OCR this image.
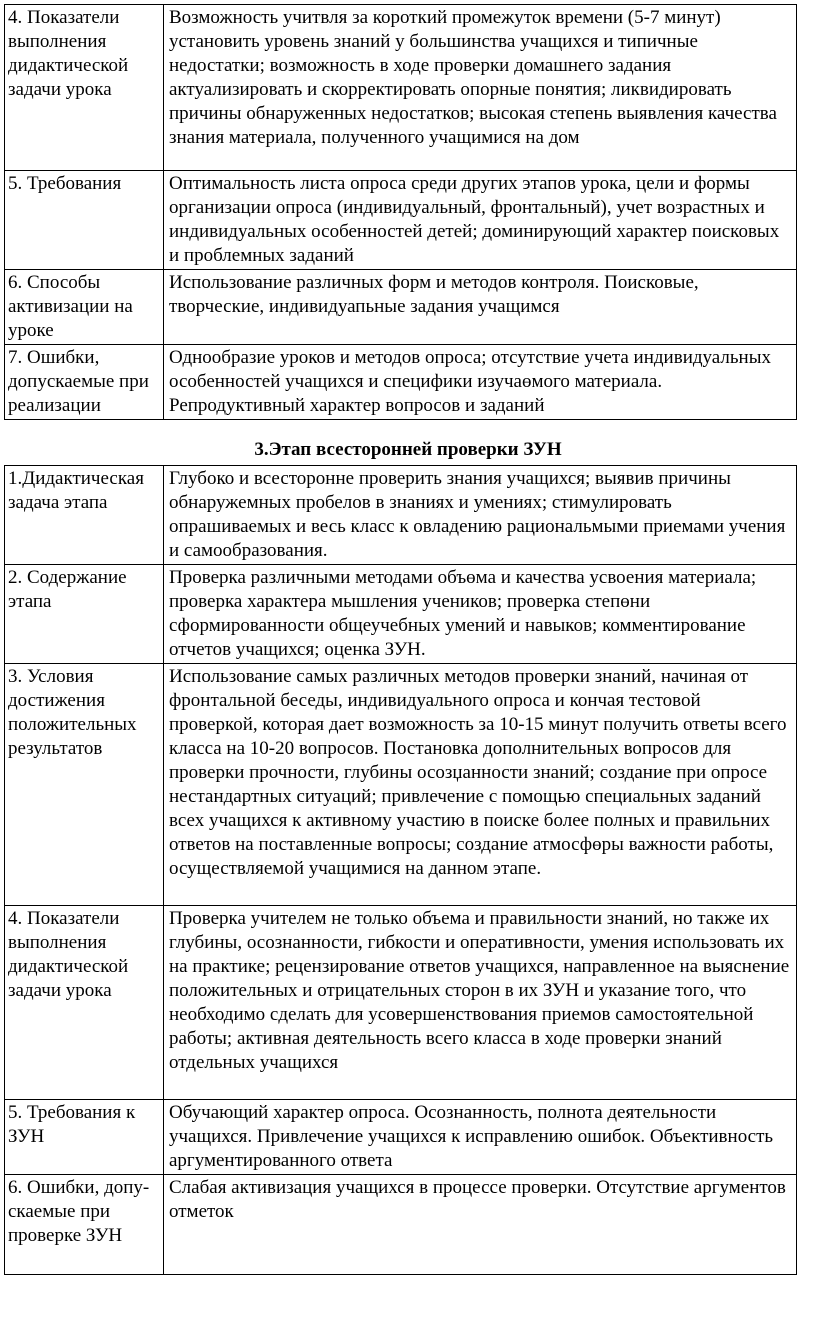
4. Показатели выполнения дидактической задачи урока	Возможность учитвля за короткий промежуток времени (5-7 минут) установить уровень знаний у большинства учащихся и типичные недостатки; возможность в ходе проверки домашнего задания актуализировать и скорректировать опорные понятия; ликвидировать причины обнаруженных недостатков; высокая степень выявления качества знания материала, полученного учащимися на дом
5. Требования	Оптимальность листа опроса среди других этапов урока, цели и формы организации опроса (индивидуальный, фронтальный), учет возрастных и индивидуальных особенностей детей; доминирующий характер поисковых и проблемных заданий
6. Способы активизации на уроке	Использование различных форм и методов контроля. Поисковые, творческие, индивидуапьные задания учащимся
7. Ошибки, допускаемые при реализации	Однообразие уроков и методов опроса; отсутствие учета индивидуальных особенностей учащихся и специфики изучаөмого материала. Репродуктивный характер вопросов и заданий
3.Этап всесторонней проверки ЗУН
1.Дидактическая задача этапа	Глубоко и всесторонне проверить знания учащихся; выявив причины обнаружемных пробелов в знаниях и умениях; стимулировать опрашиваемых и весь класс к овладению рациональмыми приемами учения и самообразования.
2. Содержание этапа	Проверка различными методами объөма и качества усвоения материала; проверка характера мышления учеников; проверка степөни сформированности общеучебных умений и навыков; комментирование отчетов учащихся; оценка ЗУН.
3. Условия достижения положительных результатов	Использование самых различных методов проверки знаний, начиная от фронтальной беседы, индивидуального опроса и кончая тестовой проверкой, которая дает возможность за 10-15 минут получить ответы всего класса на 10-20 вопросов. Постановка дополнительных вопросов для проверки прочности, глубины осозџанности знаний; создание при опросе нестандартных ситуаций; привлечение с помощью специальных заданий всех учащихся к активному участию в поиске более полных и правильних ответов на поставленные вопросы; создание атмосфөры важности работы, осуществляемой учащимися на данном этапе.
4. Показатели выполнения дидактической задачи урока	Проверка учителем не только объема и правильности знаний, но также их глубины, осознанности, гибкости и оперативности, умения использовать их на практике; рецензирование ответов учащихся, направленное на выяснение положительных и отрицательных сторон в их ЗУН и указание того, что необходимо сделать для усовершенствования приемов самостоятельной работы; активная деятельность всего класса в ходе проверки знаний отдельных учащихся
5. Требования к ЗУН	Обучающий характер опроса. Осознанность, полнота деятельности учащихся. Привлечение учащихся к исправлению ошибок. Объективность аргументированного ответа
6. Ошибки, допу-скаемые при проверке ЗУН	Слабая активизация учащихся в процессе проверки. Отсутствие аргументов отметок
